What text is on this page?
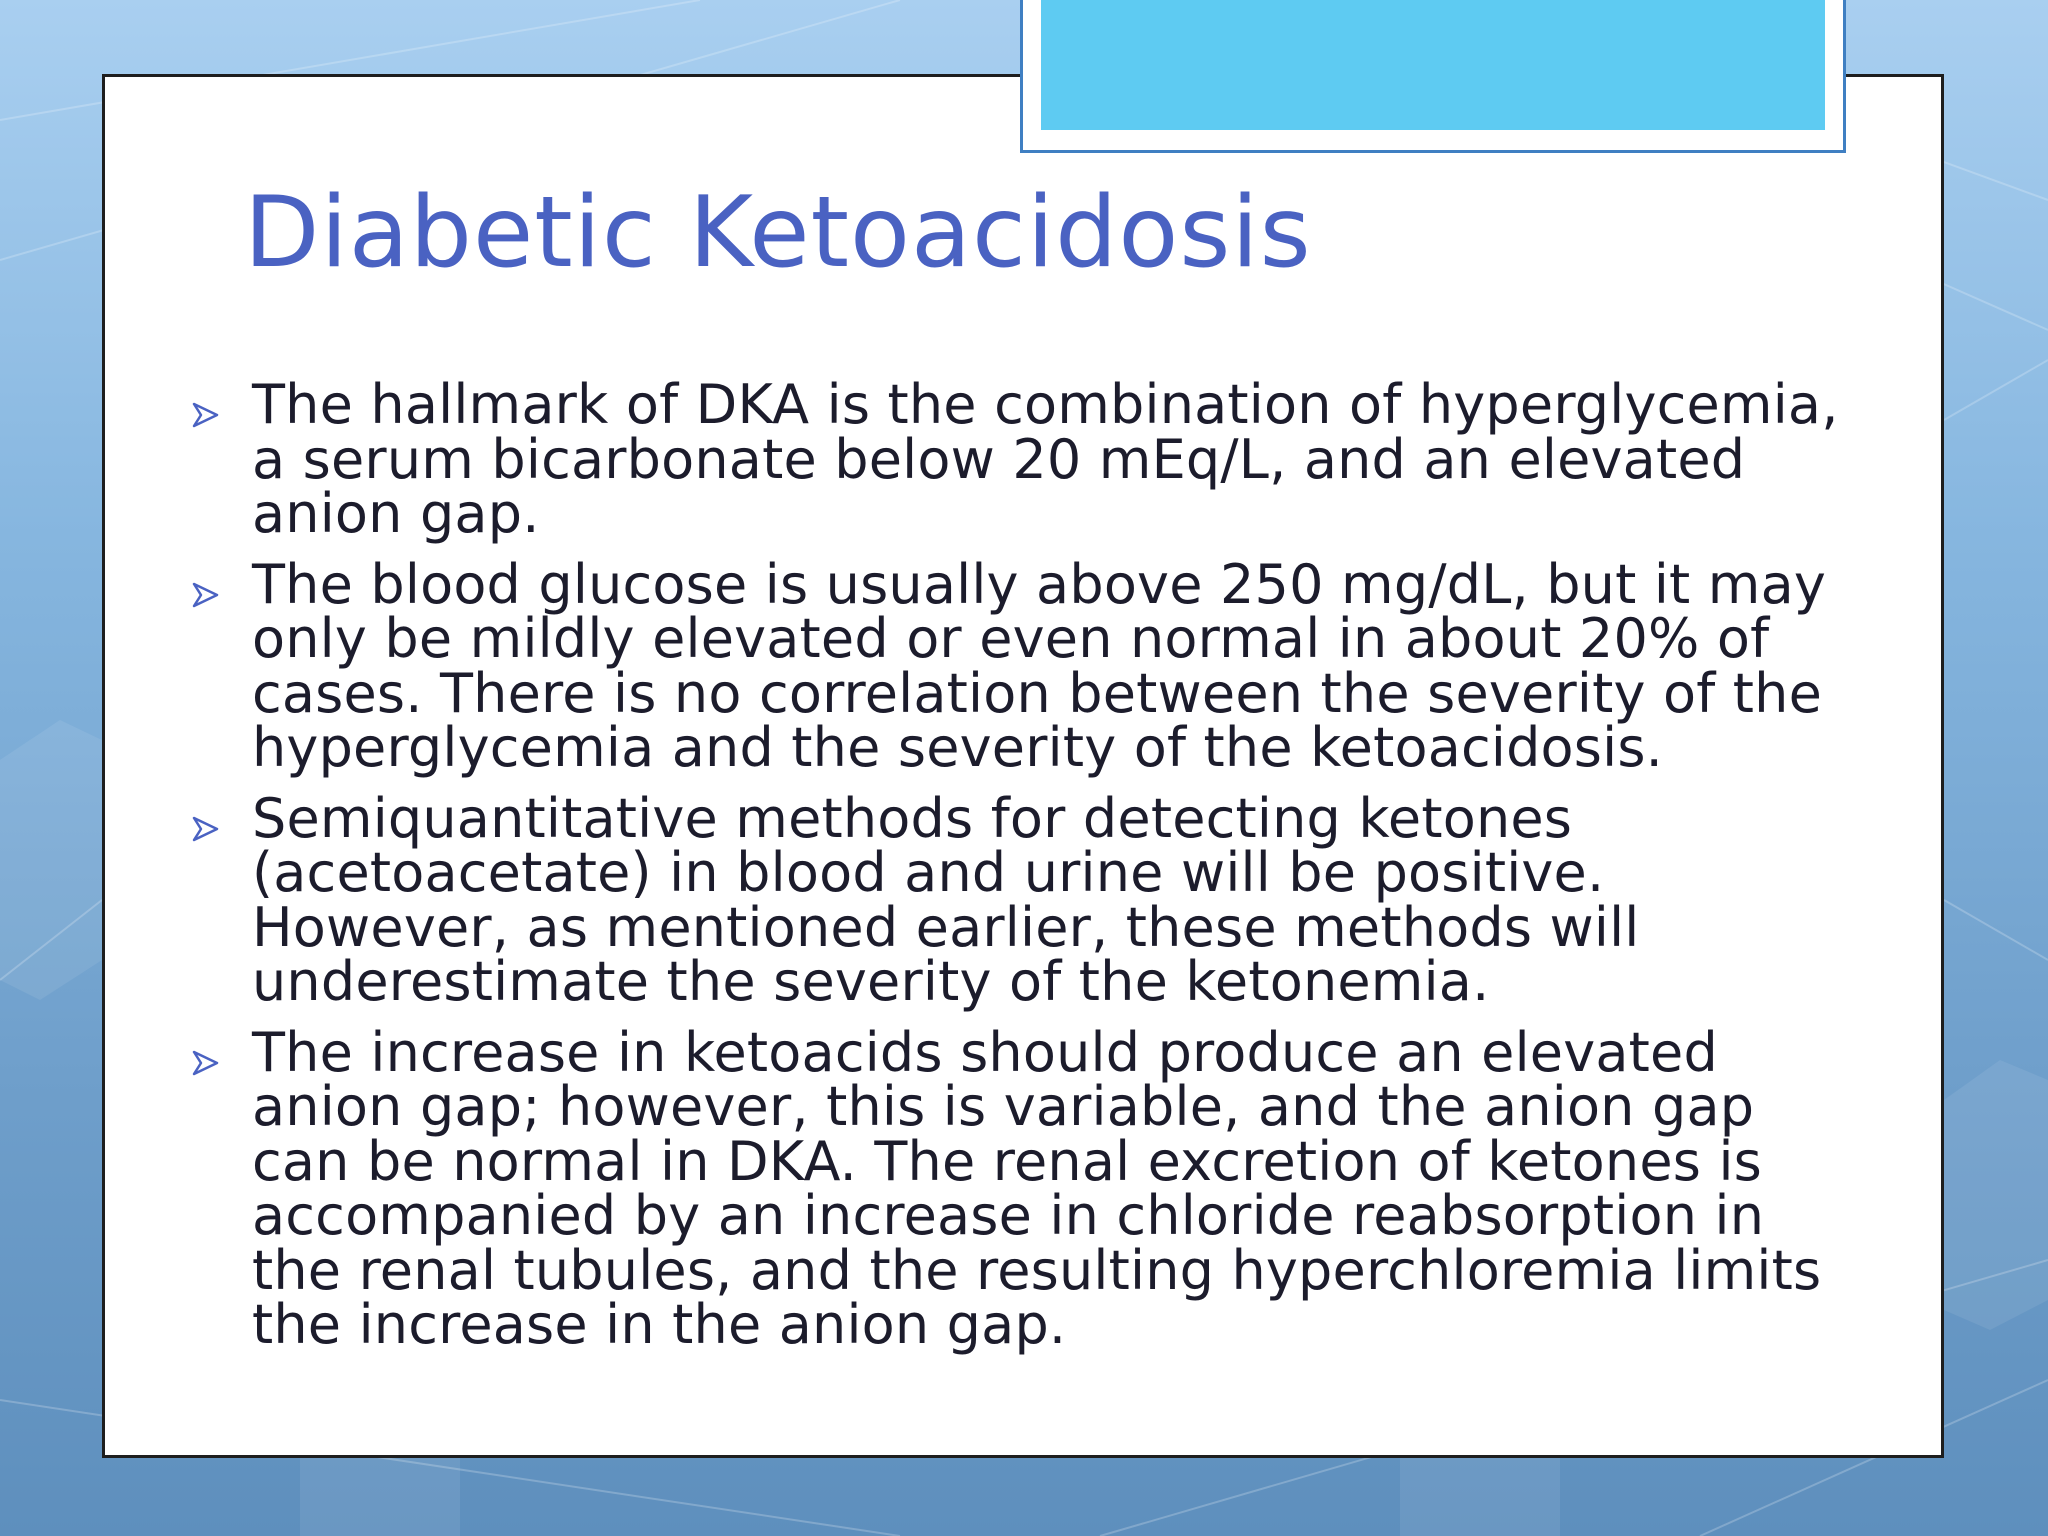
Diabetic Ketoacidosis
The hallmark of DKA is the combination of hyperglycemia, a serum bicarbonate below 20 mEq/L, and an elevated anion gap.
The blood glucose is usually above 250 mg/dL, but it may only be mildly elevated or even normal in about 20% of cases. There is no correlation between the severity of the hyperglycemia and the severity of the ketoacidosis.
Semiquantitative methods for detecting ketones (acetoacetate) in blood and urine will be positive. However, as mentioned earlier, these methods will underestimate the severity of the ketonemia.
The increase in ketoacids should produce an elevated anion gap; however, this is variable, and the anion gap can be normal in DKA. The renal excretion of ketones is accompanied by an increase in chloride reabsorption in the renal tubules, and the resulting hyperchloremia limits the increase in the anion gap.
